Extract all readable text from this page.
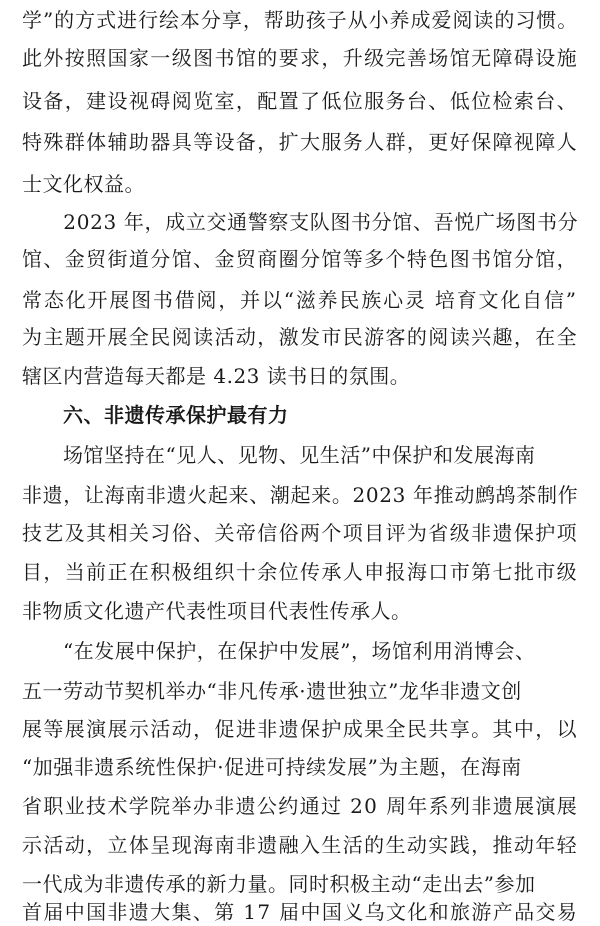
学”的方式进行绘本分享，帮助孩子从小养成爱阅读的习惯。
此外按照国家一级图书馆的要求，升级完善场馆无障碍设施
设备，建设视碍阅览室，配置了低位服务台、低位检索台、
特殊群体辅助器具等设备，扩大服务人群，更好保障视障人
士文化权益。
　　2023 年，成立交通警察支队图书分馆、吾悦广场图书分
馆、金贸街道分馆、金贸商圈分馆等多个特色图书馆分馆，
常态化开展图书借阅，并以“滋养民族心灵 培育文化自信”
为主题开展全民阅读活动，激发市民游客的阅读兴趣，在全
辖区内营造每天都是 4.23 读书日的氛围。
　　六、非遗传承保护最有力
　　场馆坚持在“见人、见物、见生活”中保护和发展海南
非遗，让海南非遗火起来、潮起来。2023 年推动鹧鸪茶制作
技艺及其相关习俗、关帝信俗两个项目评为省级非遗保护项
目，当前正在积极组织十余位传承人申报海口市第七批市级
非物质文化遗产代表性项目代表性传承人。
　　“在发展中保护，在保护中发展”，场馆利用消博会、
五一劳动节契机举办“非凡传承·遗世独立”龙华非遗文创
展等展演展示活动，促进非遗保护成果全民共享。其中，以
“加强非遗系统性保护·促进可持续发展”为主题，在海南
省职业技术学院举办非遗公约通过 20 周年系列非遗展演展
示活动，立体呈现海南非遗融入生活的生动实践，推动年轻
一代成为非遗传承的新力量。同时积极主动“走出去”参加
首届中国非遗大集、第 17 届中国义乌文化和旅游产品交易
